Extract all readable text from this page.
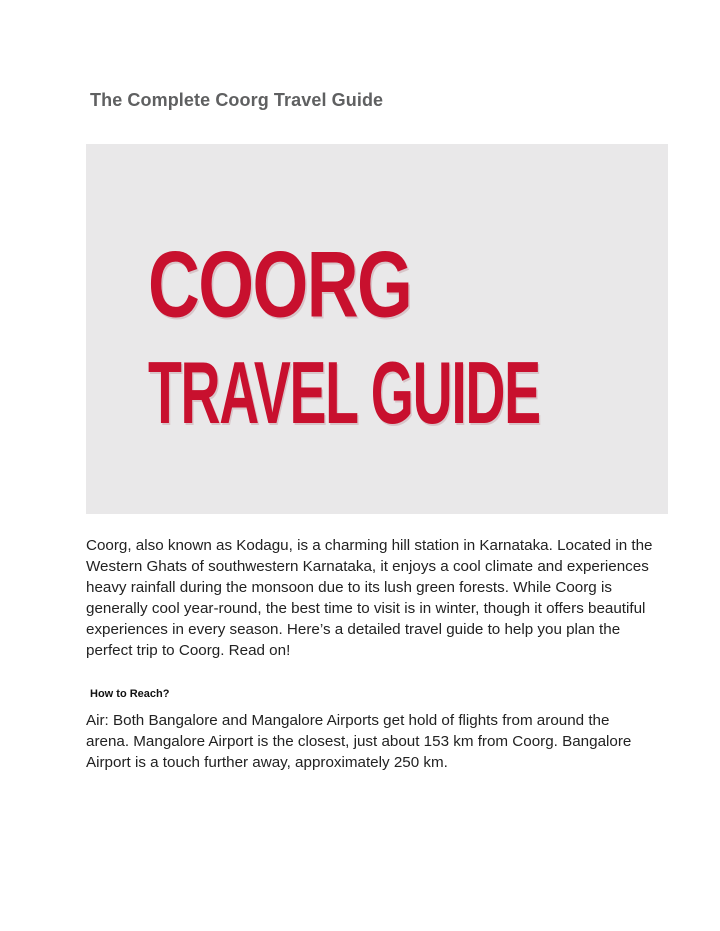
The Complete Coorg Travel Guide
COORG
TRAVEL GUIDE

Coorg, also known as Kodagu, is a charming hill station in Karnataka. Located in the Western Ghats of southwestern Karnataka, it enjoys a cool climate and experiences heavy rainfall during the monsoon due to its lush green forests. While Coorg is generally cool year-round, the best time to visit is in winter, though it offers beautiful experiences in every season. Here’s a detailed travel guide to help you plan the perfect trip to Coorg. Read on!

How to Reach?

Air: Both Bangalore and Mangalore Airports get hold of flights from around the arena. Mangalore Airport is the closest, just about 153 km from Coorg. Bangalore Airport is a touch further away, approximately 250 km.
